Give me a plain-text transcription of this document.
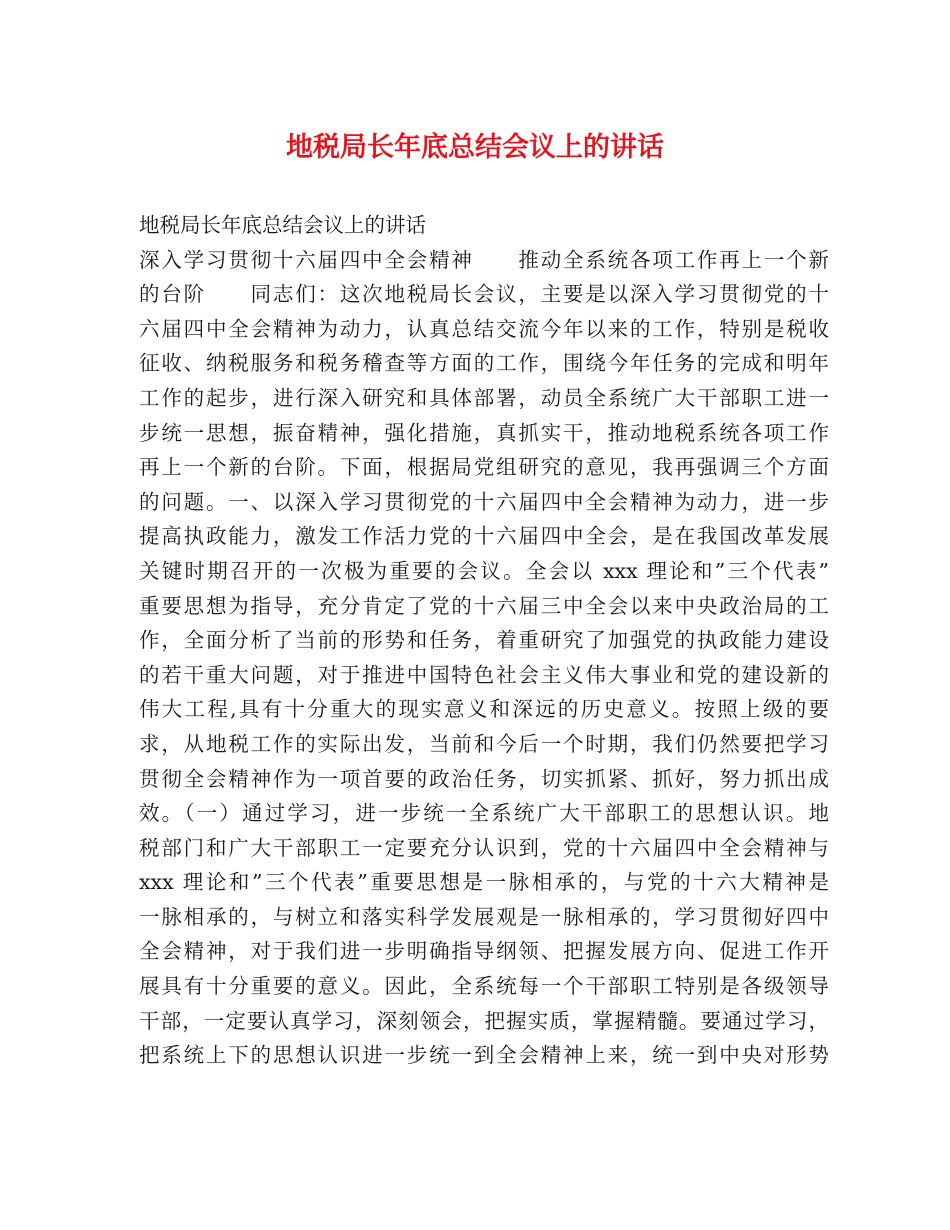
地税局长年底总结会议上的讲话
地税局长年底总结会议上的讲话
深入学习贯彻十六届四中全会精神　　推动全系统各项工作再上一个新
的台阶　　同志们：这次地税局长会议，主要是以深入学习贯彻党的十
六届四中全会精神为动力，认真总结交流今年以来的工作，特别是税收
征收、纳税服务和税务稽查等方面的工作，围绕今年任务的完成和明年
工作的起步，进行深入研究和具体部署，动员全系统广大干部职工进一
步统一思想，振奋精神，强化措施，真抓实干，推动地税系统各项工作
再上一个新的台阶。下面，根据局党组研究的意见，我再强调三个方面
的问题。一、以深入学习贯彻党的十六届四中全会精神为动力，进一步
提高执政能力，激发工作活力党的十六届四中全会，是在我国改革发展
关键时期召开的一次极为重要的会议。全会以 xxx 理论和”三个代表”
重要思想为指导，充分肯定了党的十六届三中全会以来中央政治局的工
作，全面分析了当前的形势和任务，着重研究了加强党的执政能力建设
的若干重大问题，对于推进中国特色社会主义伟大事业和党的建设新的
伟大工程,具有十分重大的现实意义和深远的历史意义。按照上级的要
求，从地税工作的实际出发，当前和今后一个时期，我们仍然要把学习
贯彻全会精神作为一项首要的政治任务，切实抓紧、抓好，努力抓出成
效。（一）通过学习，进一步统一全系统广大干部职工的思想认识。地
税部门和广大干部职工一定要充分认识到，党的十六届四中全会精神与
xxx 理论和”三个代表”重要思想是一脉相承的，与党的十六大精神是
一脉相承的，与树立和落实科学发展观是一脉相承的，学习贯彻好四中
全会精神，对于我们进一步明确指导纲领、把握发展方向、促进工作开
展具有十分重要的意义。因此，全系统每一个干部职工特别是各级领导
干部，一定要认真学习，深刻领会，把握实质，掌握精髓。要通过学习，
把系统上下的思想认识进一步统一到全会精神上来，统一到中央对形势
